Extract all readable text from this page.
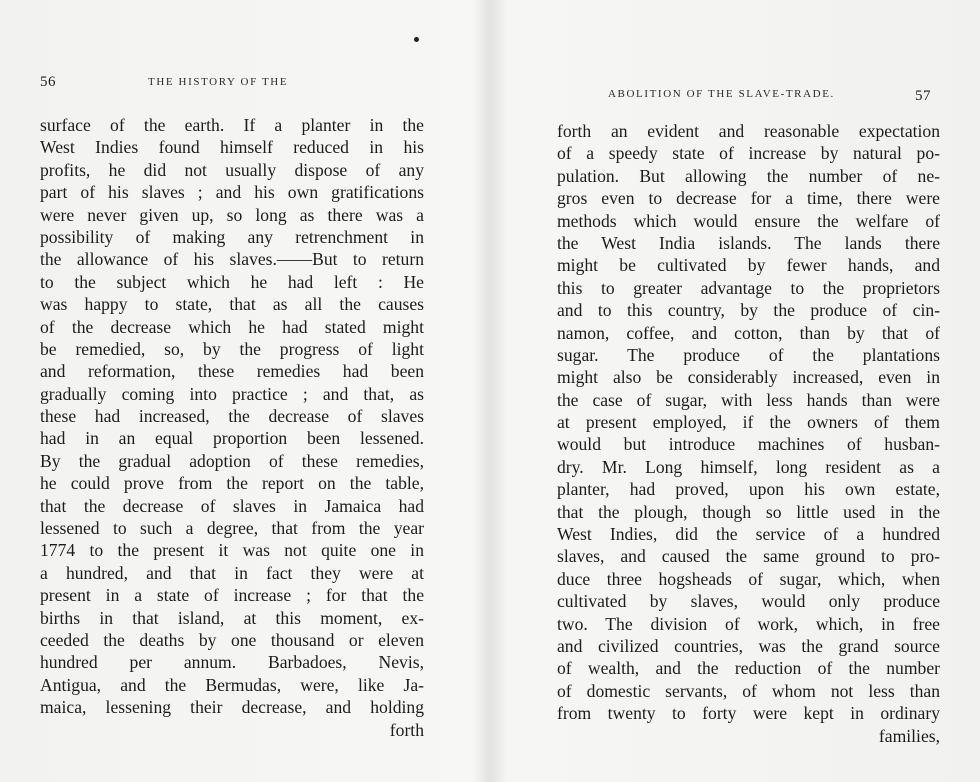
56	THE HISTORY OF THE
surface of the earth. If a planter in the
West Indies found himself reduced in his
profits, he did not usually dispose of any
part of his slaves ; and his own gratifications
were never given up, so long as there was a
possibility of making any retrenchment in
the allowance of his slaves.——But to return
to the subject which he had left : He
was happy to state, that as all the causes
of the decrease which he had stated might
be remedied, so, by the progress of light
and reformation, these remedies had been
gradually coming into practice ; and that, as
these had increased, the decrease of slaves
had in an equal proportion been lessened.
By the gradual adoption of these remedies,
he could prove from the report on the table,
that the decrease of slaves in Jamaica had
lessened to such a degree, that from the year
1774 to the present it was not quite one in
a hundred, and that in fact they were at
present in a state of increase ; for that the
births in that island, at this moment, ex-
ceeded the deaths by one thousand or eleven
hundred per annum. Barbadoes, Nevis,
Antigua, and the Bermudas, were, like Ja-
maica, lessening their decrease, and holding
forth
ABOLITION OF THE SLAVE-TRADE.	57
forth an evident and reasonable expectation
of a speedy state of increase by natural po-
pulation. But allowing the number of ne-
gros even to decrease for a time, there were
methods which would ensure the welfare of
the West India islands. The lands there
might be cultivated by fewer hands, and
this to greater advantage to the proprietors
and to this country, by the produce of cin-
namon, coffee, and cotton, than by that of
sugar. The produce of the plantations
might also be considerably increased, even in
the case of sugar, with less hands than were
at present employed, if the owners of them
would but introduce machines of husban-
dry. Mr. Long himself, long resident as a
planter, had proved, upon his own estate,
that the plough, though so little used in the
West Indies, did the service of a hundred
slaves, and caused the same ground to pro-
duce three hogsheads of sugar, which, when
cultivated by slaves, would only produce
two. The division of work, which, in free
and civilized countries, was the grand source
of wealth, and the reduction of the number
of domestic servants, of whom not less than
from twenty to forty were kept in ordinary
families,
